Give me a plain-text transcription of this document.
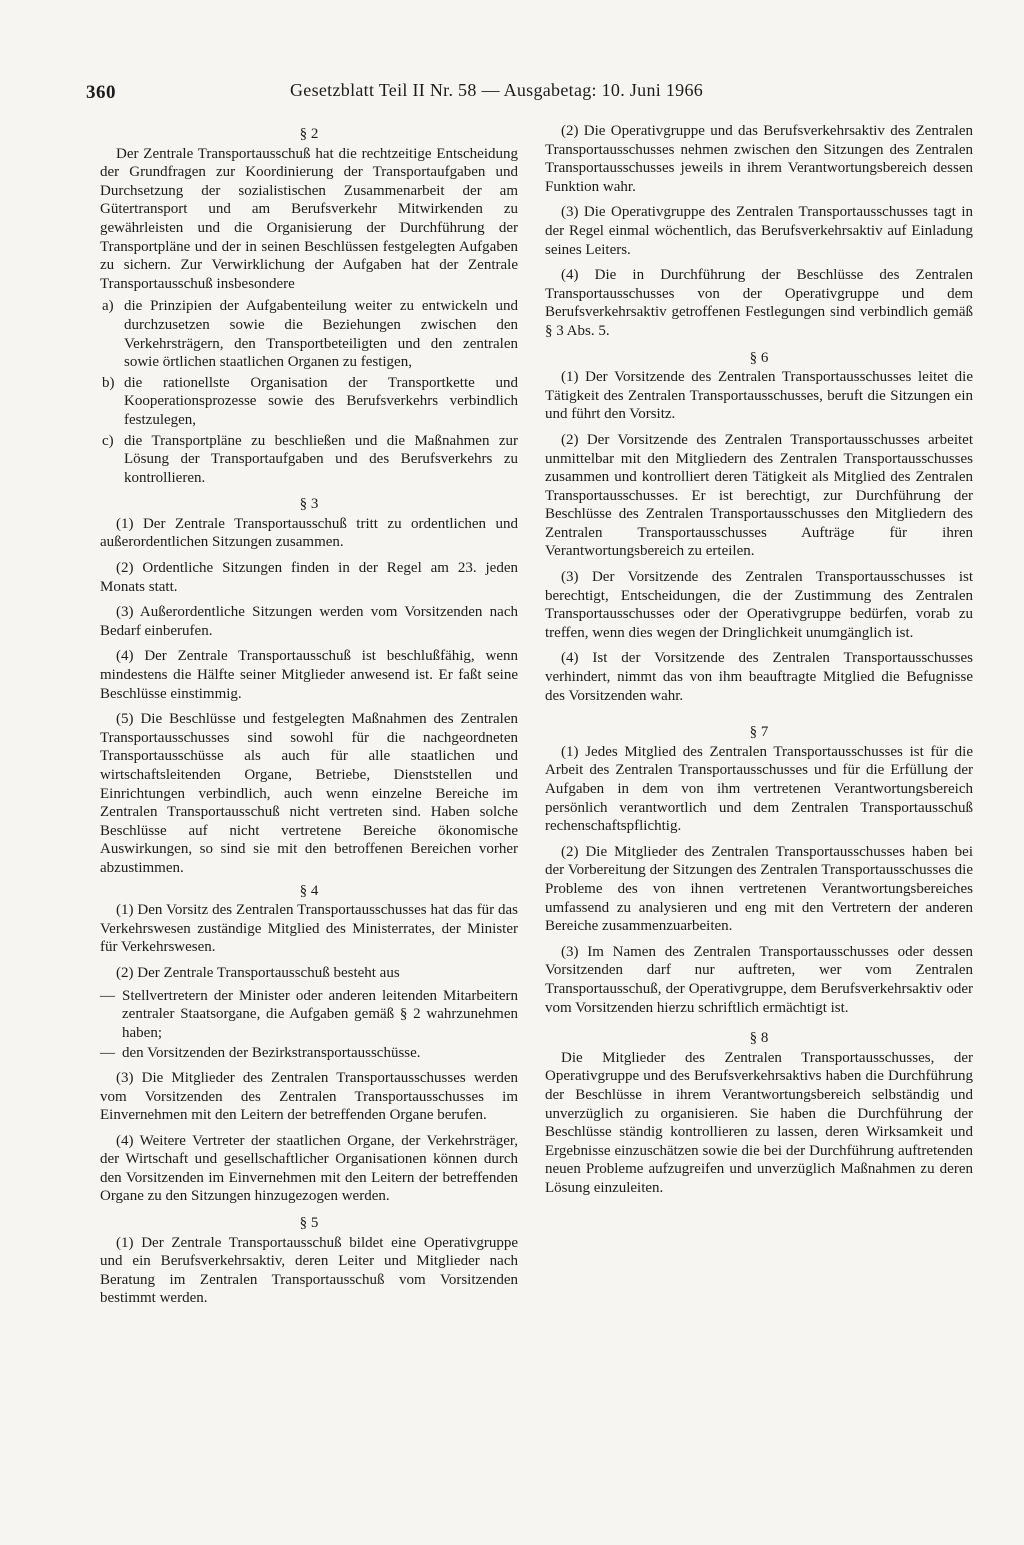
360	Gesetzblatt Teil II Nr. 58 — Ausgabetag: 10. Juni 1966
§ 2

Der Zentrale Transportausschuß hat die rechtzeitige Entscheidung der Grundfragen zur Koordinierung der Transportaufgaben und Durchsetzung der sozialistischen Zusammenarbeit der am Gütertransport und am Berufsverkehr Mitwirkenden zu gewährleisten und die Organisierung der Durchführung der Transportpläne und der in seinen Beschlüssen festgelegten Aufgaben zu sichern. Zur Verwirklichung der Aufgaben hat der Zentrale Transportausschuß insbesondere

a) die Prinzipien der Aufgabenteilung weiter zu entwickeln und durchzusetzen sowie die Beziehungen zwischen den Verkehrsträgern, den Transportbeteiligten und den zentralen sowie örtlichen staatlichen Organen zu festigen,
b) die rationellste Organisation der Transportkette und Kooperationsprozesse sowie des Berufsverkehrs verbindlich festzulegen,
c) die Transportpläne zu beschließen und die Maßnahmen zur Lösung der Transportaufgaben und des Berufsverkehrs zu kontrollieren.
§ 3

(1) Der Zentrale Transportausschuß tritt zu ordentlichen und außerordentlichen Sitzungen zusammen.

(2) Ordentliche Sitzungen finden in der Regel am 23. jeden Monats statt.

(3) Außerordentliche Sitzungen werden vom Vorsitzenden nach Bedarf einberufen.

(4) Der Zentrale Transportausschuß ist beschlußfähig, wenn mindestens die Hälfte seiner Mitglieder anwesend ist. Er faßt seine Beschlüsse einstimmig.

(5) Die Beschlüsse und festgelegten Maßnahmen des Zentralen Transportausschusses sind sowohl für die nachgeordneten Transportausschüsse als auch für alle staatlichen und wirtschaftsleitenden Organe, Betriebe, Dienststellen und Einrichtungen verbindlich, auch wenn einzelne Bereiche im Zentralen Transportausschuß nicht vertreten sind. Haben solche Beschlüsse auf nicht vertretene Bereiche ökonomische Auswirkungen, so sind sie mit den betroffenen Bereichen vorher abzustimmen.

§ 4

(1) Den Vorsitz des Zentralen Transportausschusses hat das für das Verkehrswesen zuständige Mitglied des Ministerrates, der Minister für Verkehrswesen.

(2) Der Zentrale Transportausschuß besteht aus

— Stellvertretern der Minister oder anderen leitenden Mitarbeitern zentraler Staatsorgane, die Aufgaben gemäß § 2 wahrzunehmen haben;
— den Vorsitzenden der Bezirkstransportausschüsse.

(3) Die Mitglieder des Zentralen Transportausschusses werden vom Vorsitzenden des Zentralen Transportausschusses im Einvernehmen mit den Leitern der betreffenden Organe berufen.

(4) Weitere Vertreter der staatlichen Organe, der Verkehrsträger, der Wirtschaft und gesellschaftlicher Organisationen können durch den Vorsitzenden im Einvernehmen mit den Leitern der betreffenden Organe zu den Sitzungen hinzugezogen werden.

§ 5

(1) Der Zentrale Transportausschuß bildet eine Operativgruppe und ein Berufsverkehrsaktiv, deren Leiter und Mitglieder nach Beratung im Zentralen Transportausschuß vom Vorsitzenden bestimmt werden.

(2) Die Operativgruppe und das Berufsverkehrsaktiv des Zentralen Transportausschusses nehmen zwischen den Sitzungen des Zentralen Transportausschusses jeweils in ihrem Verantwortungsbereich dessen Funktion wahr.

(3) Die Operativgruppe des Zentralen Transportausschusses tagt in der Regel einmal wöchentlich, das Berufsverkehrsaktiv auf Einladung seines Leiters.

(4) Die in Durchführung der Beschlüsse des Zentralen Transportausschusses von der Operativgruppe und dem Berufsverkehrsaktiv getroffenen Festlegungen sind verbindlich gemäß § 3 Abs. 5.

§ 6

(1) Der Vorsitzende des Zentralen Transportausschusses leitet die Tätigkeit des Zentralen Transportausschusses, beruft die Sitzungen ein und führt den Vorsitz.

(2) Der Vorsitzende des Zentralen Transportausschusses arbeitet unmittelbar mit den Mitgliedern des Zentralen Transportausschusses zusammen und kontrolliert deren Tätigkeit als Mitglied des Zentralen Transportausschusses. Er ist berechtigt, zur Durchführung der Beschlüsse des Zentralen Transportausschusses den Mitgliedern des Zentralen Transportausschusses Aufträge für ihren Verantwortungsbereich zu erteilen.

(3) Der Vorsitzende des Zentralen Transportausschusses ist berechtigt, Entscheidungen, die der Zustimmung des Zentralen Transportausschusses oder der Operativgruppe bedürfen, vorab zu treffen, wenn dies wegen der Dringlichkeit unumgänglich ist.

(4) Ist der Vorsitzende des Zentralen Transportausschusses verhindert, nimmt das von ihm beauftragte Mitglied die Befugnisse des Vorsitzenden wahr.

§ 7

(1) Jedes Mitglied des Zentralen Transportausschusses ist für die Arbeit des Zentralen Transportausschusses und für die Erfüllung der Aufgaben in dem von ihm vertretenen Verantwortungsbereich persönlich verantwortlich und dem Zentralen Transportausschuß rechenschaftspflichtig.

(2) Die Mitglieder des Zentralen Transportausschusses haben bei der Vorbereitung der Sitzungen des Zentralen Transportausschusses die Probleme des von ihnen vertretenen Verantwortungsbereiches umfassend zu analysieren und eng mit den Vertretern der anderen Bereiche zusammenzuarbeiten.

(3) Im Namen des Zentralen Transportausschusses oder dessen Vorsitzenden darf nur auftreten, wer vom Zentralen Transportausschuß, der Operativgruppe, dem Berufsverkehrsaktiv oder vom Vorsitzenden hierzu schriftlich ermächtigt ist.

§ 8

Die Mitglieder des Zentralen Transportausschusses, der Operativgruppe und des Berufsverkehrsaktivs haben die Durchführung der Beschlüsse in ihrem Verantwortungsbereich selbständig und unverzüglich zu organisieren. Sie haben die Durchführung der Beschlüsse ständig kontrollieren zu lassen, deren Wirksamkeit und Ergebnisse einzuschätzen sowie die bei der Durchführung auftretenden neuen Probleme aufzugreifen und unverzüglich Maßnahmen zu deren Lösung einzuleiten.
